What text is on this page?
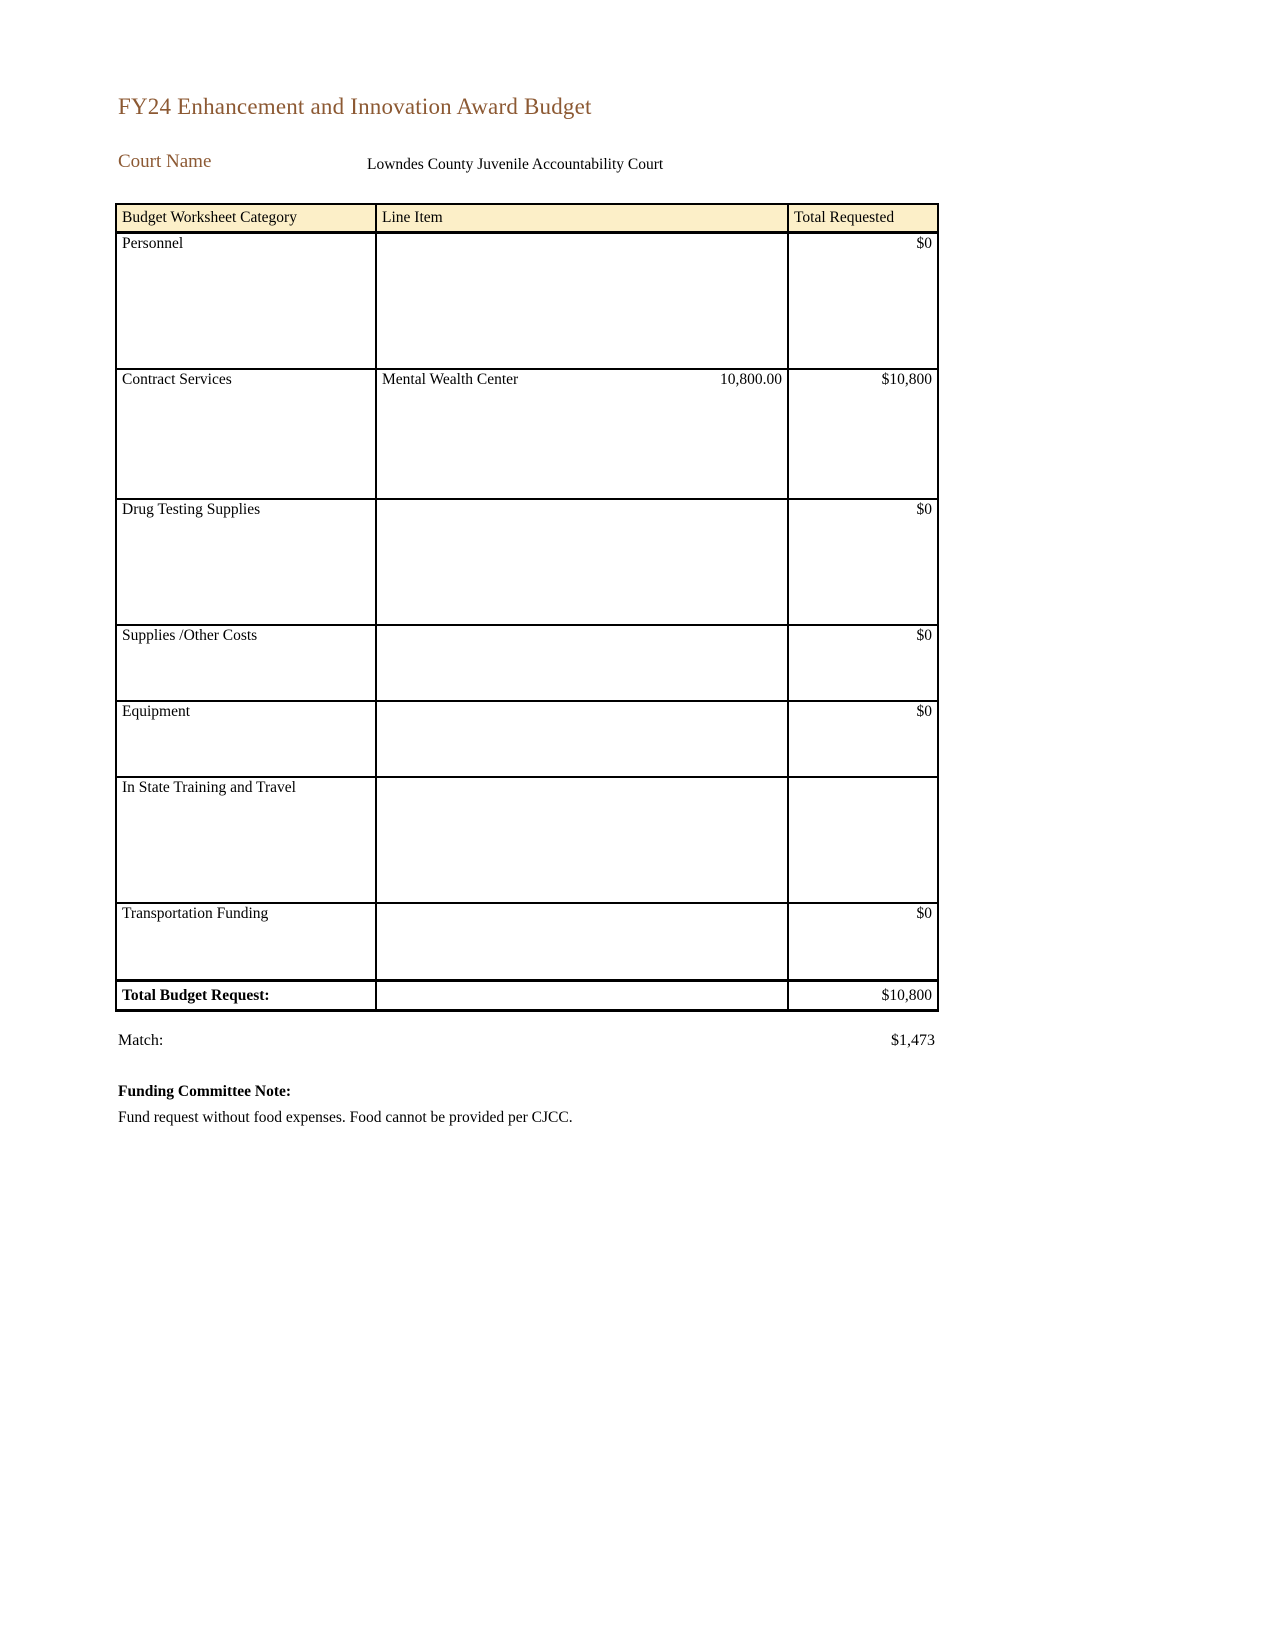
FY24 Enhancement and Innovation Award Budget
Court Name	Lowndes County Juvenile Accountability Court
Budget Worksheet Category	Line Item	Total Requested
Personnel		$0
Contract Services	Mental Wealth Center 10,800.00	$10,800
Drug Testing Supplies		$0
Supplies /Other Costs		$0
Equipment		$0
In State Training and Travel	

Transportation Funding		$0
Total Budget Request:		$10,800
Match:	$1,473
Funding Committee Note:
Fund request without food expenses. Food cannot be provided per CJCC.
